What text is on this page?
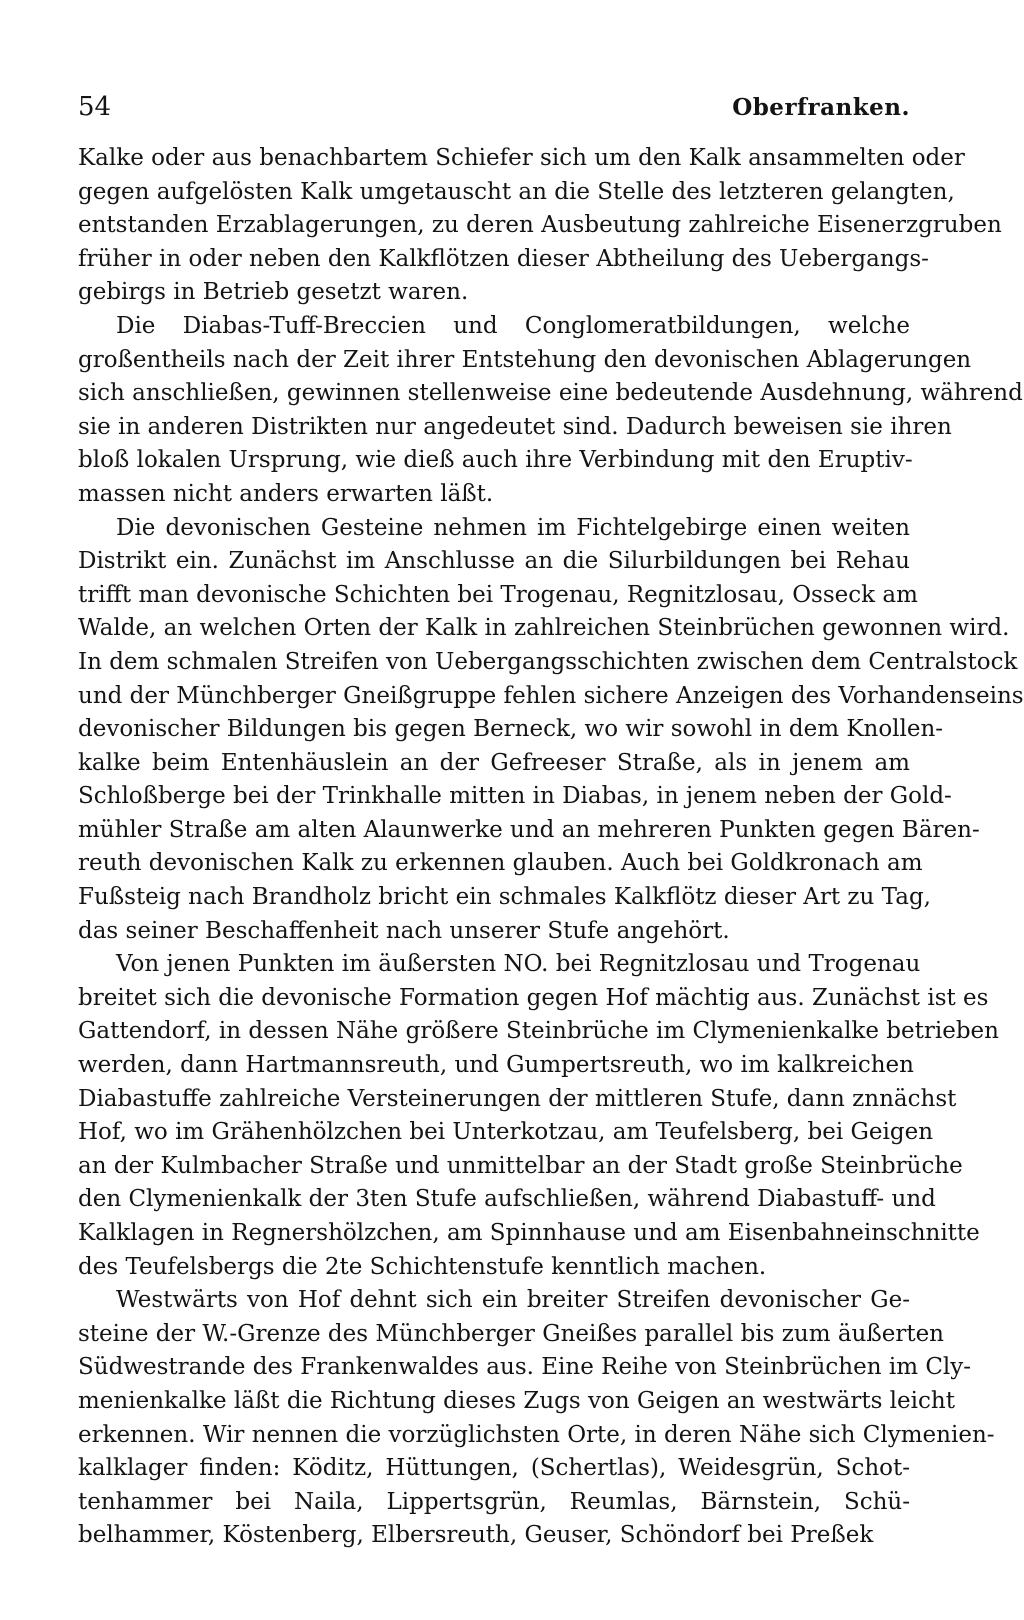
54	Oberfranken.
Kalke oder aus benachbartem Schiefer sich um den Kalk ansammelten oder
gegen aufgelösten Kalk umgetauscht an die Stelle des letzteren gelangten,
entstanden Erzablagerungen, zu deren Ausbeutung zahlreiche Eisenerzgruben
früher in oder neben den Kalkflötzen dieser Abtheilung des Uebergangs-
gebirgs in Betrieb gesetzt waren.
Die Diabas-Tuff-Breccien und Conglomeratbildungen, welche
großentheils nach der Zeit ihrer Entstehung den devonischen Ablagerungen
sich anschließen, gewinnen stellenweise eine bedeutende Ausdehnung, während
sie in anderen Distrikten nur angedeutet sind. Dadurch beweisen sie ihren
bloß lokalen Ursprung, wie dieß auch ihre Verbindung mit den Eruptiv-
massen nicht anders erwarten läßt.
Die devonischen Gesteine nehmen im Fichtelgebirge einen weiten
Distrikt ein. Zunächst im Anschlusse an die Silurbildungen bei Rehau
trifft man devonische Schichten bei Trogenau, Regnitzlosau, Osseck am
Walde, an welchen Orten der Kalk in zahlreichen Steinbrüchen gewonnen wird.
In dem schmalen Streifen von Uebergangsschichten zwischen dem Centralstock
und der Münchberger Gneißgruppe fehlen sichere Anzeigen des Vorhandenseins
devonischer Bildungen bis gegen Berneck, wo wir sowohl in dem Knollen-
kalke beim Entenhäuslein an der Gefreeser Straße, als in jenem am
Schloßberge bei der Trinkhalle mitten in Diabas, in jenem neben der Gold-
mühler Straße am alten Alaunwerke und an mehreren Punkten gegen Bären-
reuth devonischen Kalk zu erkennen glauben. Auch bei Goldkronach am
Fußsteig nach Brandholz bricht ein schmales Kalkflötz dieser Art zu Tag,
das seiner Beschaffenheit nach unserer Stufe angehört.
Von jenen Punkten im äußersten NO. bei Regnitzlosau und Trogenau
breitet sich die devonische Formation gegen Hof mächtig aus. Zunächst ist es
Gattendorf, in dessen Nähe größere Steinbrüche im Clymenienkalke betrieben
werden, dann Hartmannsreuth, und Gumpertsreuth, wo im kalkreichen
Diabastuffe zahlreiche Versteinerungen der mittleren Stufe, dann znnächst
Hof, wo im Grähenhölzchen bei Unterkotzau, am Teufelsberg, bei Geigen
an der Kulmbacher Straße und unmittelbar an der Stadt große Steinbrüche
den Clymenienkalk der 3ten Stufe aufschließen, während Diabastuff- und
Kalklagen in Regnershölzchen, am Spinnhause und am Eisenbahneinschnitte
des Teufelsbergs die 2te Schichtenstufe kenntlich machen.
Westwärts von Hof dehnt sich ein breiter Streifen devonischer Ge-
steine der W.-Grenze des Münchberger Gneißes parallel bis zum äußerten
Südwestrande des Frankenwaldes aus. Eine Reihe von Steinbrüchen im Cly-
menienkalke läßt die Richtung dieses Zugs von Geigen an westwärts leicht
erkennen. Wir nennen die vorzüglichsten Orte, in deren Nähe sich Clymenien-
kalklager finden: Köditz, Hüttungen, (Schertlas), Weidesgrün, Schot-
tenhammer bei Naila, Lippertsgrün, Reumlas, Bärnstein, Schü-
belhammer, Köstenberg, Elbersreuth, Geuser, Schöndorf bei Preßek
